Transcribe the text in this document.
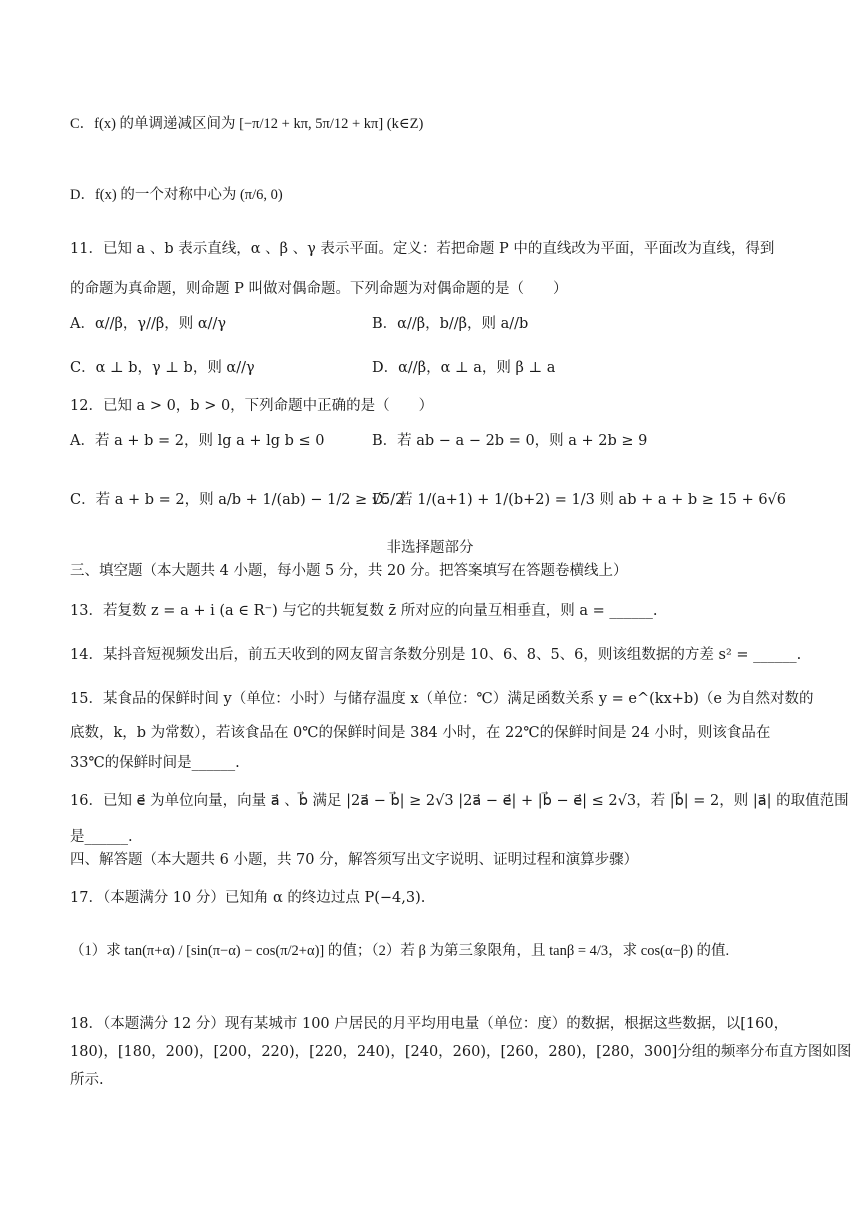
C．f(x) 的单调递减区间为 [−π/12 + kπ, 5π/12 + kπ] (k∈Z)
D．f(x) 的一个对称中心为 (π/6, 0)
11．已知 a 、b 表示直线，α 、β 、γ 表示平面。定义：若把命题 P 中的直线改为平面，平面改为直线，得到
的命题为真命题，则命题 P 叫做对偶命题。下列命题为对偶命题的是（　　）
A．α//β，γ//β，则 α//γ	B．α//β，b//β，则 a//b
C．α ⊥ b，γ ⊥ b，则 α//γ	D．α//β，α ⊥ a，则 β ⊥ a
12．已知 a > 0，b > 0，下列命题中正确的是（　　）
A．若 a + b = 2，则 lg a + lg b ≤ 0	B．若 ab − a − 2b = 0，则 a + 2b ≥ 9
C．若 a + b = 2，则 a/b + 1/(ab) − 1/2 ≥ √5/2
D．若 1/(a+1) + 1/(b+2) = 1/3 则 ab + a + b ≥ 15 + 6√6
非选择题部分
三、填空题（本大题共 4 小题，每小题 5 分，共 20 分。把答案填写在答题卷横线上）
13．若复数 z = a + i (a ∈ R⁻) 与它的共轭复数 z̄ 所对应的向量互相垂直，则 a = ______.
14．某抖音短视频发出后，前五天收到的网友留言条数分别是 10、6、8、5、6，则该组数据的方差 s² = ______.
15．某食品的保鲜时间 y（单位：小时）与储存温度 x（单位：℃）满足函数关系 y = e^(kx+b)（e 为自然对数的
底数，k，b 为常数），若该食品在 0℃的保鲜时间是 384 小时，在 22℃的保鲜时间是 24 小时，则该食品在
33℃的保鲜时间是______.
16．已知 e⃗ 为单位向量，向量 a⃗ 、b⃗ 满足 |2a⃗ − b⃗| ≥ 2√3 |2a⃗ − e⃗| + |b⃗ − e⃗| ≤ 2√3，若 |b⃗| = 2，则 |a⃗| 的取值范围
是______.
四、解答题（本大题共 6 小题，共 70 分，解答须写出文字说明、证明过程和演算步骤）
17．（本题满分 10 分）已知角 α 的终边过点 P(−4,3).
（1）求 tan(π+α) / [sin(π−α) − cos(π/2+α)] 的值；（2）若 β 为第三象限角，且 tanβ = 4/3，求 cos(α−β) 的值.
18．（本题满分 12 分）现有某城市 100 户居民的月平均用电量（单位：度）的数据，根据这些数据，以[160，
180)，[180，200)，[200，220)，[220，240)，[240，260)，[260，280)，[280，300]分组的频率分布直方图如图
所示.
